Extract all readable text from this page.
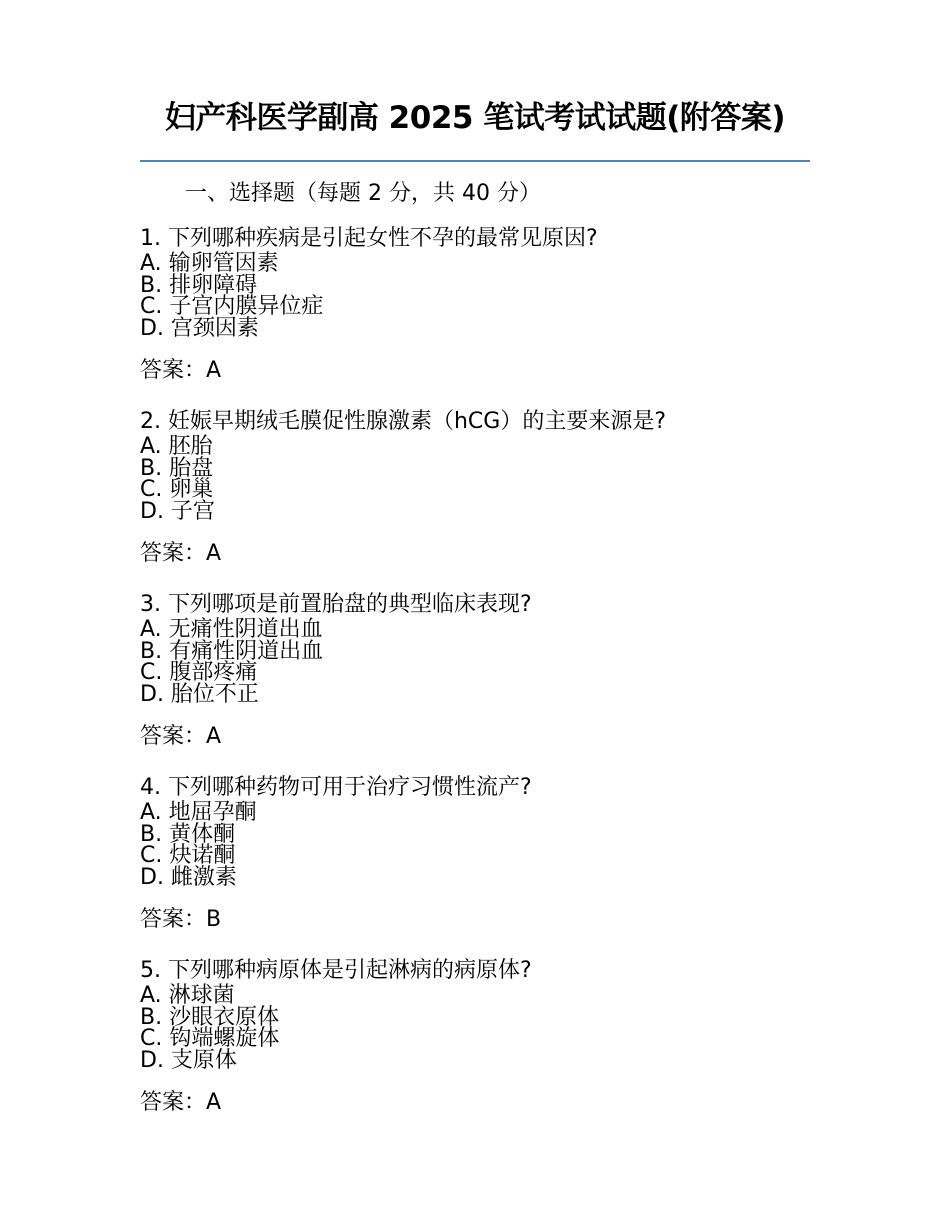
妇产科医学副高 2025 笔试考试试题(附答案)
一、选择题（每题 2 分，共 40 分）
1. 下列哪种疾病是引起女性不孕的最常见原因?
A. 输卵管因素
B. 排卵障碍
C. 子宫内膜异位症
D. 宫颈因素
答案：A
2. 妊娠早期绒毛膜促性腺激素（hCG）的主要来源是?
A. 胚胎
B. 胎盘
C. 卵巢
D. 子宫
答案：A
3. 下列哪项是前置胎盘的典型临床表现?
A. 无痛性阴道出血
B. 有痛性阴道出血
C. 腹部疼痛
D. 胎位不正
答案：A
4. 下列哪种药物可用于治疗习惯性流产?
A. 地屈孕酮
B. 黄体酮
C. 炔诺酮
D. 雌激素
答案：B
5. 下列哪种病原体是引起淋病的病原体?
A. 淋球菌
B. 沙眼衣原体
C. 钩端螺旋体
D. 支原体
答案：A
